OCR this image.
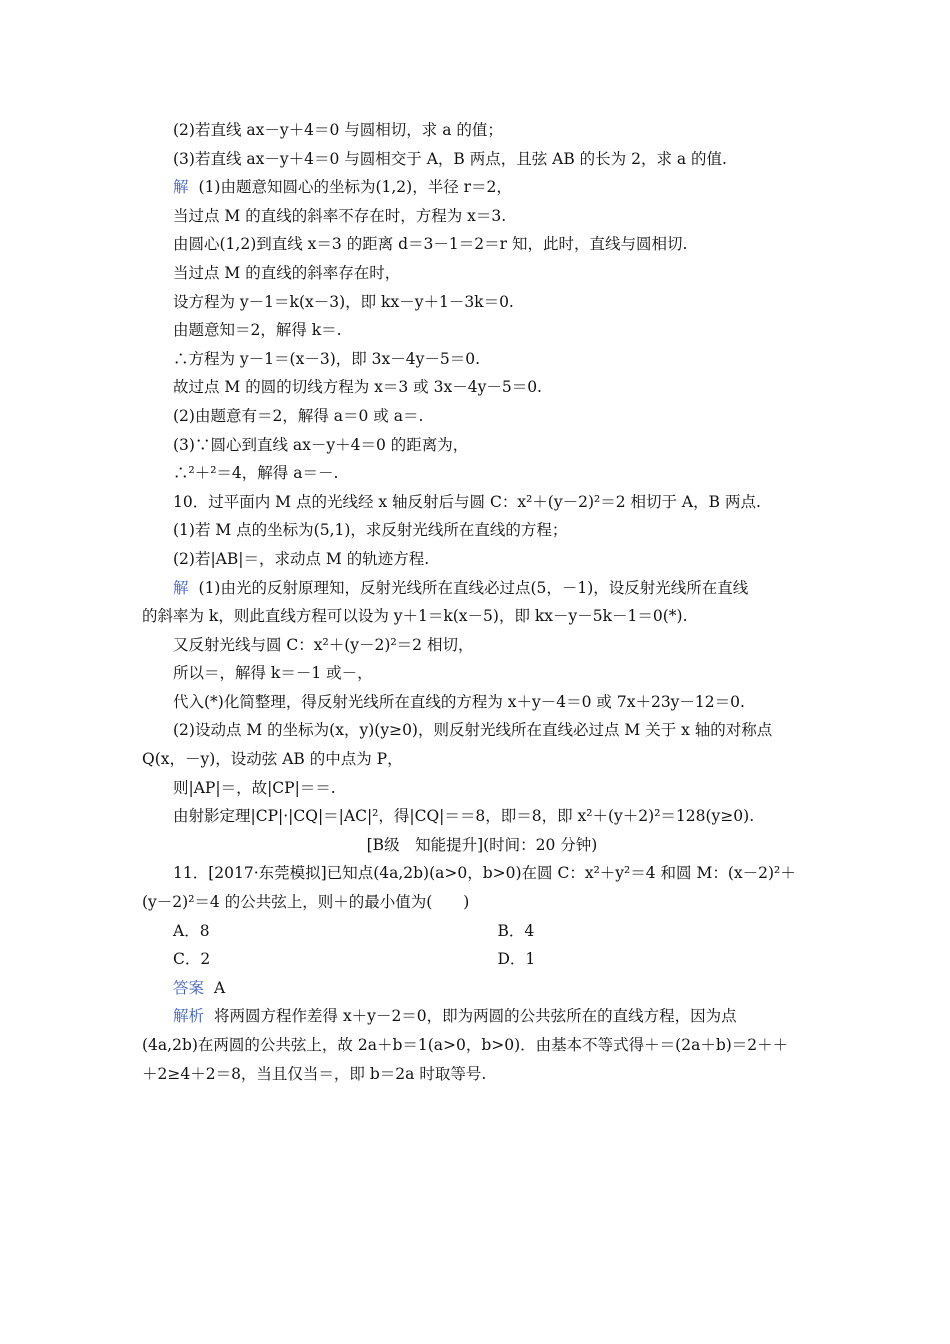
(2)若直线 ax－y＋4＝0 与圆相切，求 a 的值；
(3)若直线 ax－y＋4＝0 与圆相交于 A，B 两点，且弦 AB 的长为 2，求 a 的值.
解 (1)由题意知圆心的坐标为(1,2)，半径 r＝2，
当过点 M 的直线的斜率不存在时，方程为 x＝3.
由圆心(1,2)到直线 x＝3 的距离 d＝3－1＝2＝r 知，此时，直线与圆相切.
当过点 M 的直线的斜率存在时，
设方程为 y－1＝k(x－3)，即 kx－y＋1－3k＝0.
由题意知＝2，解得 k＝.
∴方程为 y－1＝(x－3)，即 3x－4y－5＝0.
故过点 M 的圆的切线方程为 x＝3 或 3x－4y－5＝0.
(2)由题意有＝2，解得 a＝0 或 a＝.
(3)∵圆心到直线 ax－y＋4＝0 的距离为，
∴²＋²＝4，解得 a＝－.
10．过平面内 M 点的光线经 x 轴反射后与圆 C：x²＋(y－2)²＝2 相切于 A，B 两点.
(1)若 M 点的坐标为(5,1)，求反射光线所在直线的方程；
(2)若|AB|＝，求动点 M 的轨迹方程.
解 (1)由光的反射原理知，反射光线所在直线必过点(5，－1)，设反射光线所在直线
的斜率为 k，则此直线方程可以设为 y＋1＝k(x－5)，即 kx－y－5k－1＝0(*).
又反射光线与圆 C：x²＋(y－2)²＝2 相切，
所以＝，解得 k＝－1 或－，
代入(*)化简整理，得反射光线所在直线的方程为 x＋y－4＝0 或 7x＋23y－12＝0.
(2)设动点 M 的坐标为(x，y)(y≥0)，则反射光线所在直线必过点 M 关于 x 轴的对称点
Q(x，－y)，设动弦 AB 的中点为 P，
则|AP|＝，故|CP|＝＝.
由射影定理|CP|·|CQ|＝|AC|²，得|CQ|＝＝8，即＝8，即 x²＋(y＋2)²＝128(y≥0).
[B级　知能提升](时间：20 分钟)
11．[2017·东莞模拟]已知点(4a,2b)(a>0，b>0)在圆 C：x²＋y²＝4 和圆 M：(x－2)²＋
(y－2)²＝4 的公共弦上，则＋的最小值为(　　)
A．8	B．4
C．2	D．1
答案 A
解析 将两圆方程作差得 x＋y－2＝0，即为两圆的公共弦所在的直线方程，因为点
(4a,2b)在两圆的公共弦上，故 2a＋b＝1(a>0，b>0)．由基本不等式得＋＝(2a＋b)＝2＋＋
＋2≥4＋2＝8，当且仅当＝，即 b＝2a 时取等号.
